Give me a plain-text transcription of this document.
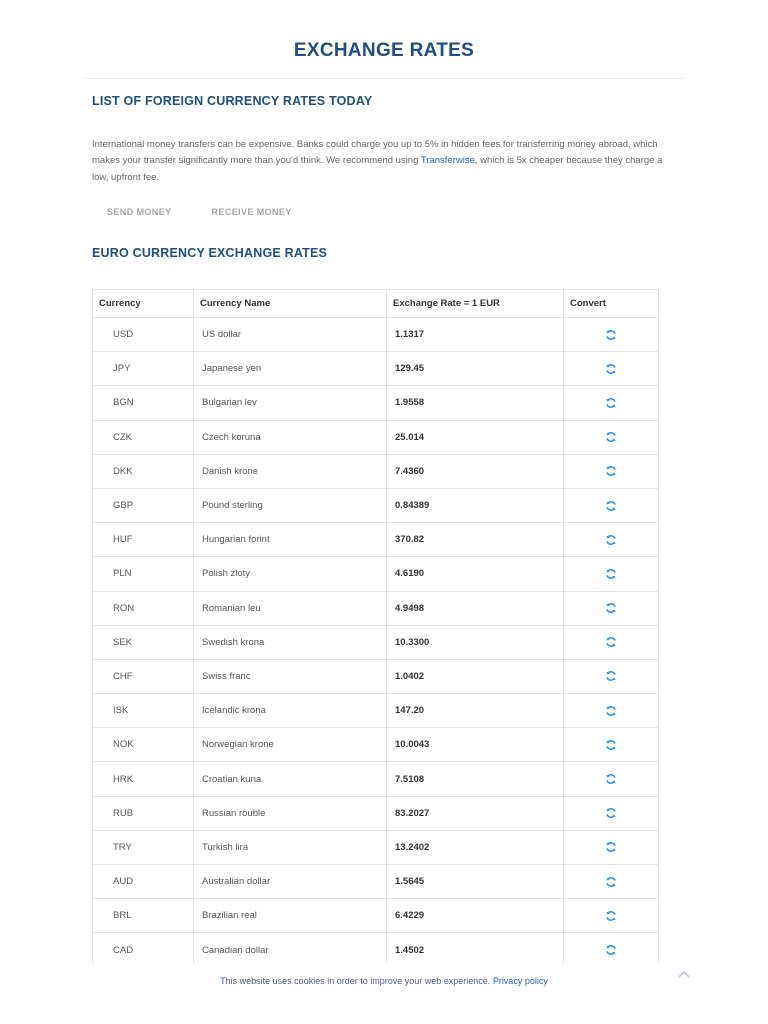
EXCHANGE RATES
LIST OF FOREIGN CURRENCY RATES TODAY

International money transfers can be expensive. Banks could charge you up to 5% in hidden fees for transferring money abroad, which makes your transfer significantly more than you'd think. We recommend using Transferwise, which is 5x cheaper because they charge a low, upfront fee.

SEND MONEY	RECEIVE MONEY
EURO CURRENCY EXCHANGE RATES
Currency	Currency Name	Exchange Rate = 1 EUR	Convert
USD	US dollar	1.1317	
JPY	Japanese yen	129.45	
BGN	Bulgarian lev	1.9558	
CZK	Czech koruna	25.014	
DKK	Danish krone	7.4360	
GBP	Pound sterling	0.84389	
HUF	Hungarian forint	370.82	
PLN	Polish zloty	4.6190	
RON	Romanian leu	4.9498	
SEK	Swedish krona	10.3300	
CHF	Swiss franc	1.0402	
ISK	Icelandic krona	147.20	
NOK	Norwegian krone	10.0043	
HRK	Croatian kuna	7.5108	
RUB	Russian rouble	83.2027	
TRY	Turkish lira	13.2402	
AUD	Australian dollar	1.5645	
BRL	Brazilian real	6.4229	
CAD	Canadian dollar	1.4502	

This website uses cookies in order to improve your web experience. Privacy policy
